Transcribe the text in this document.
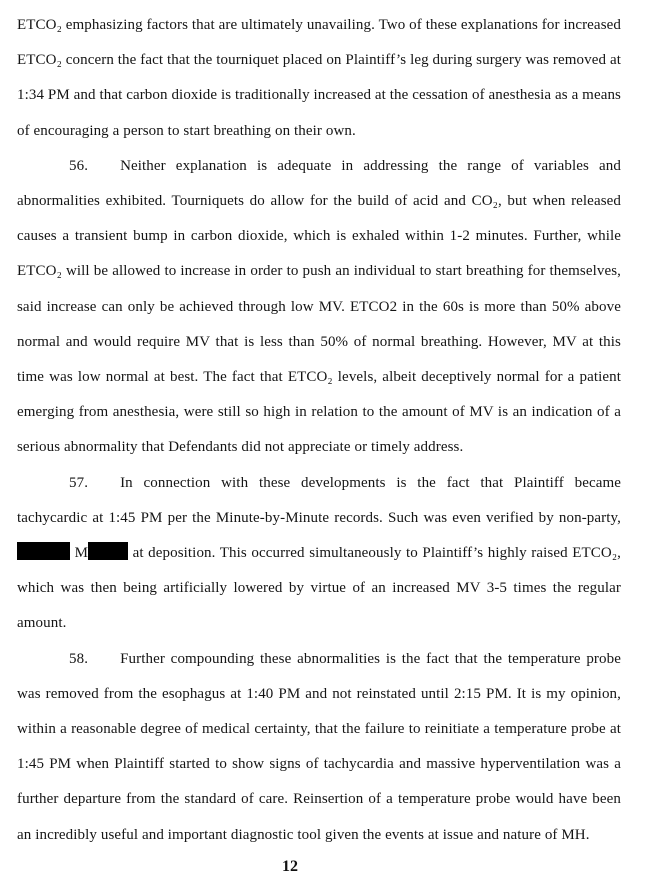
ETCO₂ emphasizing factors that are ultimately unavailing. Two of these explanations for increased ETCO₂ concern the fact that the tourniquet placed on Plaintiff’s leg during surgery was removed at 1:34 PM and that carbon dioxide is traditionally increased at the cessation of anesthesia as a means of encouraging a person to start breathing on their own.

56. Neither explanation is adequate in addressing the range of variables and abnormalities exhibited. Tourniquets do allow for the build of acid and CO₂, but when released causes a transient bump in carbon dioxide, which is exhaled within 1-2 minutes. Further, while ETCO₂ will be allowed to increase in order to push an individual to start breathing for themselves, said increase can only be achieved through low MV. ETCO2 in the 60s is more than 50% above normal and would require MV that is less than 50% of normal breathing. However, MV at this time was low normal at best. The fact that ETCO₂ levels, albeit deceptively normal for a patient emerging from anesthesia, were still so high in relation to the amount of MV is an indication of a serious abnormality that Defendants did not appreciate or timely address.

57. In connection with these developments is the fact that Plaintiff became tachycardic at 1:45 PM per the Minute-by-Minute records. Such was even verified by non-party,  M	at deposition. This occurred simultaneously to Plaintiff’s highly raised ETCO₂, which was then being artificially lowered by virtue of an increased MV 3-5 times the regular amount.

58. Further compounding these abnormalities is the fact that the temperature probe was removed from the esophagus at 1:40 PM and not reinstated until 2:15 PM. It is my opinion, within a reasonable degree of medical certainty, that the failure to reinitiate a temperature probe at 1:45 PM when Plaintiff started to show signs of tachycardia and massive hyperventilation was a further departure from the standard of care. Reinsertion of a temperature probe would have been an incredibly useful and important diagnostic tool given the events at issue and nature of MH.

12
